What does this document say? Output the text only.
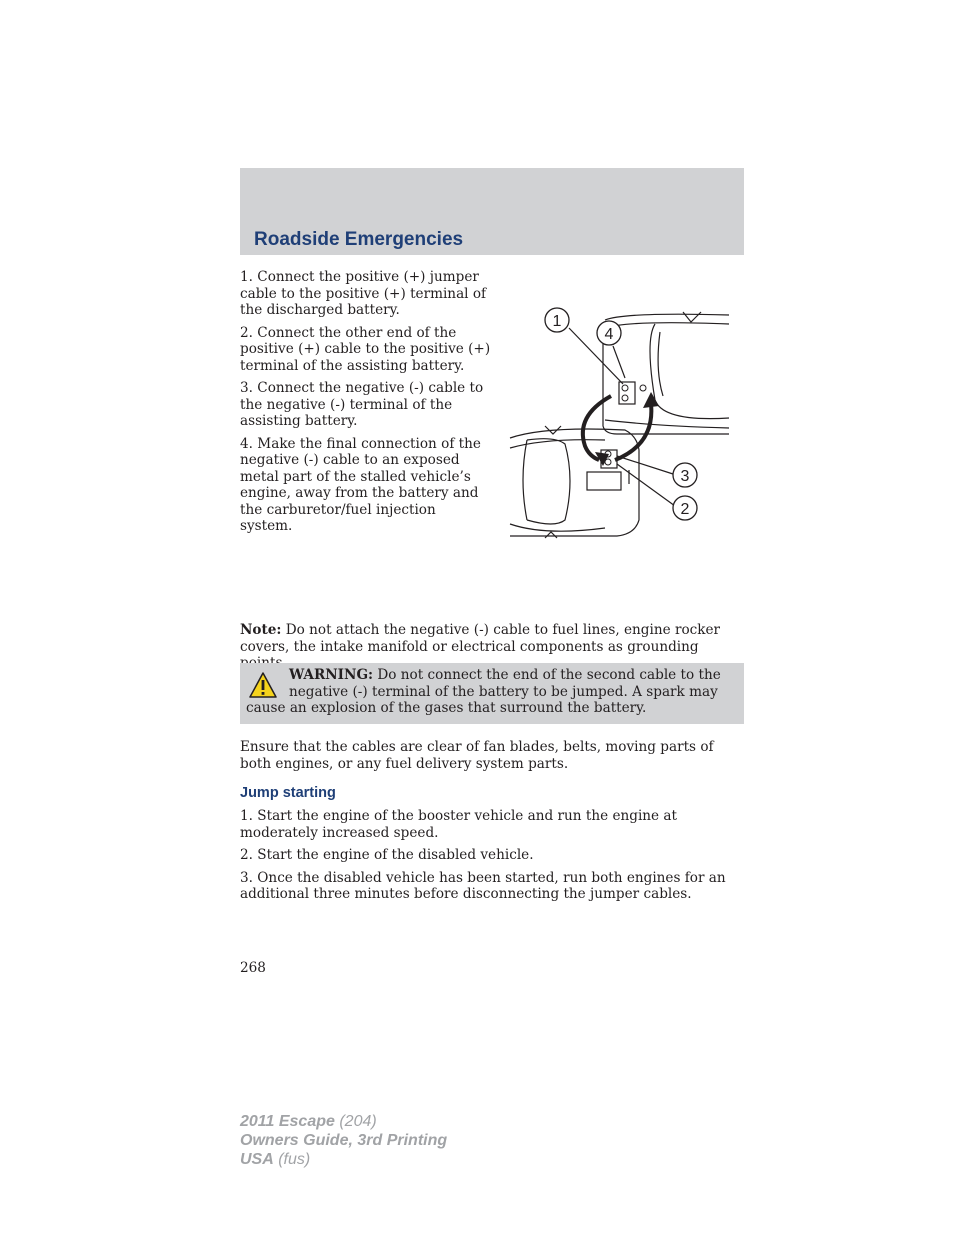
Roadside Emergencies

1. Connect the positive (+) jumper cable to the positive (+) terminal of the discharged battery.

2. Connect the other end of the positive (+) cable to the positive (+) terminal of the assisting battery.

3. Connect the negative (-) cable to the negative (-) terminal of the assisting battery.

4. Make the final connection of the negative (-) cable to an exposed metal part of the stalled vehicle’s engine, away from the battery and the carburetor/fuel injection system.

1
4
3
2

Note: Do not attach the negative (-) cable to fuel lines, engine rocker covers, the intake manifold or electrical components as grounding

WARNING: Do not connect the end of the second cable to the
negative (-) terminal of the battery to be jumped. A spark may
cause an explosion of the gases that surround the battery.

Ensure that the cables are clear of fan blades, belts, moving parts of both engines, or any fuel delivery system parts.

Jump starting

1. Start the engine of the booster vehicle and run the engine at moderately increased speed.

2. Start the engine of the disabled vehicle.

3. Once the disabled vehicle has been started, run both engines for an additional three minutes before disconnecting the jumper cables.

268
2011 Escape (204)
Owners Guide, 3rd Printing
USA (fus)
